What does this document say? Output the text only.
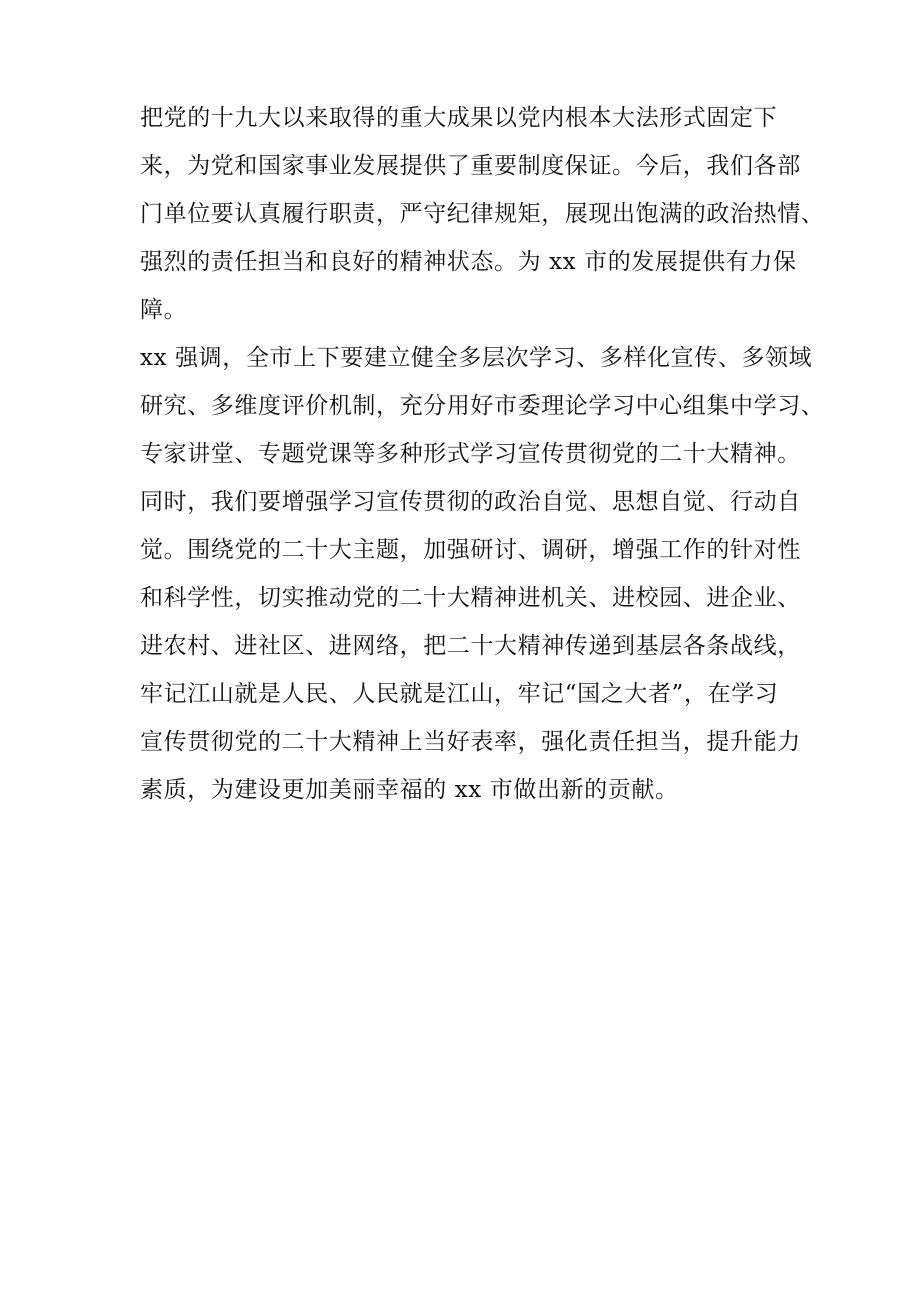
把党的十九大以来取得的重大成果以党内根本大法形式固定下
来，为党和国家事业发展提供了重要制度保证。今后，我们各部
门单位要认真履行职责，严守纪律规矩，展现出饱满的政治热情、
强烈的责任担当和良好的精神状态。为 xx 市的发展提供有力保
障。
xx 强调，全市上下要建立健全多层次学习、多样化宣传、多领域
研究、多维度评价机制，充分用好市委理论学习中心组集中学习、
专家讲堂、专题党课等多种形式学习宣传贯彻党的二十大精神。
同时，我们要增强学习宣传贯彻的政治自觉、思想自觉、行动自
觉。围绕党的二十大主题，加强研讨、调研，增强工作的针对性
和科学性，切实推动党的二十大精神进机关、进校园、进企业、
进农村、进社区、进网络，把二十大精神传递到基层各条战线，
牢记江山就是人民、人民就是江山，牢记“国之大者”，在学习
宣传贯彻党的二十大精神上当好表率，强化责任担当，提升能力
素质，为建设更加美丽幸福的 xx 市做出新的贡献。
